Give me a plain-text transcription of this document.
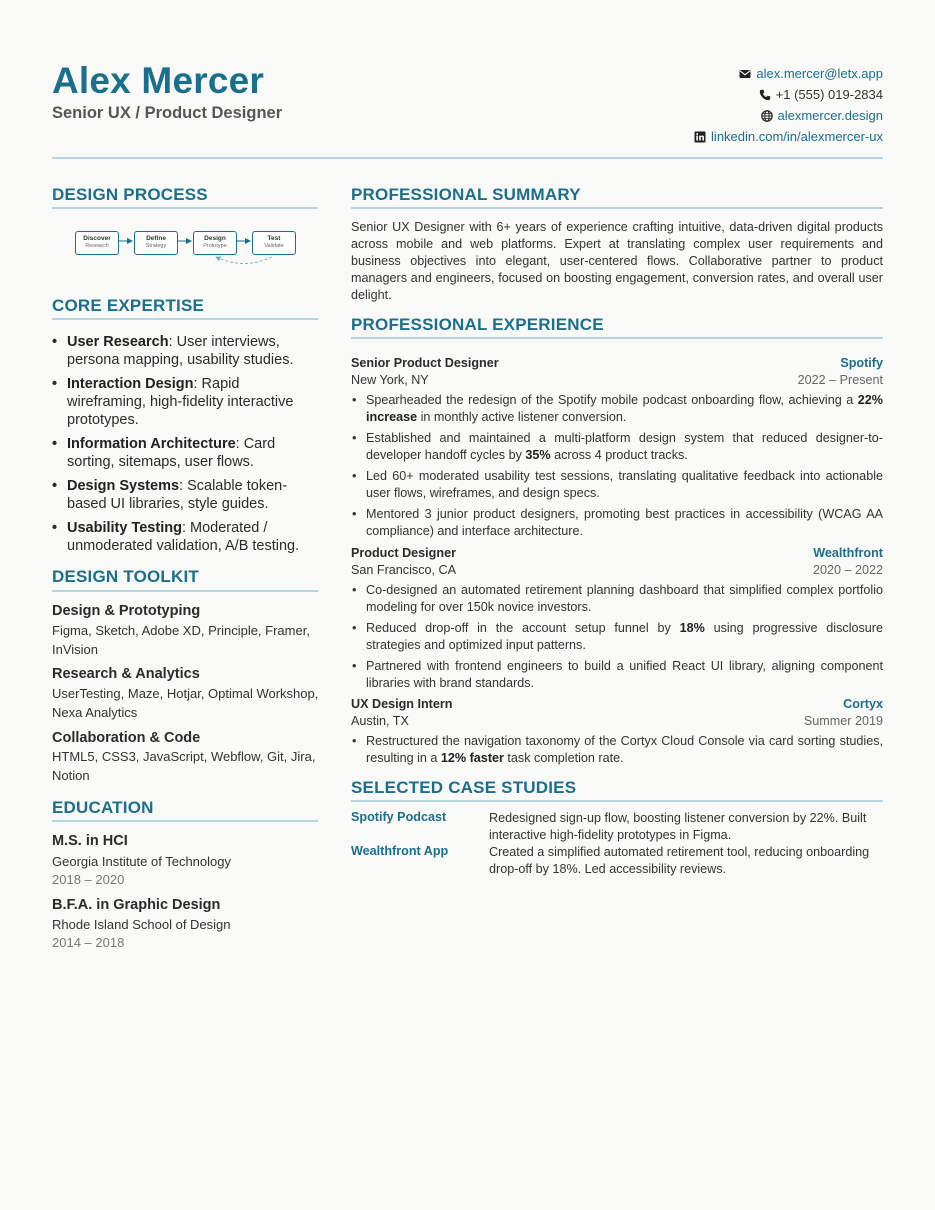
Alex Mercer
Senior UX / Product Designer
alex.mercer@letx.app
+1 (555) 019-2834
alexmercer.design
linkedin.com/in/alexmercer-ux
DESIGN PROCESS
Discover
Research
Define
Strategy
Design
Prototype
Test
Validate
CORE EXPERTISE
• User Research: User interviews, persona mapping, usability studies.
• Interaction Design: Rapid wireframing, high-fidelity interactive prototypes.
• Information Architecture: Card sorting, sitemaps, user flows.
• Design Systems: Scalable token-based UI libraries, style guides.
• Usability Testing: Moderated / unmoderated validation, A/B testing.
DESIGN TOOLKIT
Design & Prototyping
Figma, Sketch, Adobe XD, Principle, Framer, InVision
Research & Analytics
UserTesting, Maze, Hotjar, Optimal Workshop, Nexa Analytics
Collaboration & Code
HTML5, CSS3, JavaScript, Webflow, Git, Jira, Notion
EDUCATION
M.S. in HCI
Georgia Institute of Technology
2018 – 2020
B.F.A. in Graphic Design
Rhode Island School of Design
2014 – 2018
PROFESSIONAL SUMMARY
Senior UX Designer with 6+ years of experience crafting intuitive, data-driven digital products across mobile and web platforms. Expert at translating complex user requirements and business objectives into elegant, user-centered flows. Collaborative partner to product managers and engineers, focused on boosting engagement, conversion rates, and overall user delight.
PROFESSIONAL EXPERIENCE
Senior Product Designer	Spotify
New York, NY	2022 – Present
• Spearheaded the redesign of the Spotify mobile podcast onboarding flow, achieving a 22% increase in monthly active listener conversion.
• Established and maintained a multi-platform design system that reduced designer-to-developer handoff cycles by 35% across 4 product tracks.
• Led 60+ moderated usability test sessions, translating qualitative feedback into actionable user flows, wireframes, and design specs.
• Mentored 3 junior product designers, promoting best practices in accessibility (WCAG AA compliance) and interface architecture.
Product Designer	Wealthfront
San Francisco, CA	2020 – 2022
• Co-designed an automated retirement planning dashboard that simplified complex portfolio modeling for over 150k novice investors.
• Reduced drop-off in the account setup funnel by 18% using progressive disclosure strategies and optimized input patterns.
• Partnered with frontend engineers to build a unified React UI library, aligning component libraries with brand standards.
UX Design Intern	Cortyx
Austin, TX	Summer 2019
• Restructured the navigation taxonomy of the Cortyx Cloud Console via card sorting studies, resulting in a 12% faster task completion rate.
SELECTED CASE STUDIES
Spotify Podcast	Redesigned sign-up flow, boosting listener conversion by 22%. Built interactive high-fidelity prototypes in Figma.
Wealthfront App	Created a simplified automated retirement tool, reducing onboarding drop-off by 18%. Led accessibility reviews.
